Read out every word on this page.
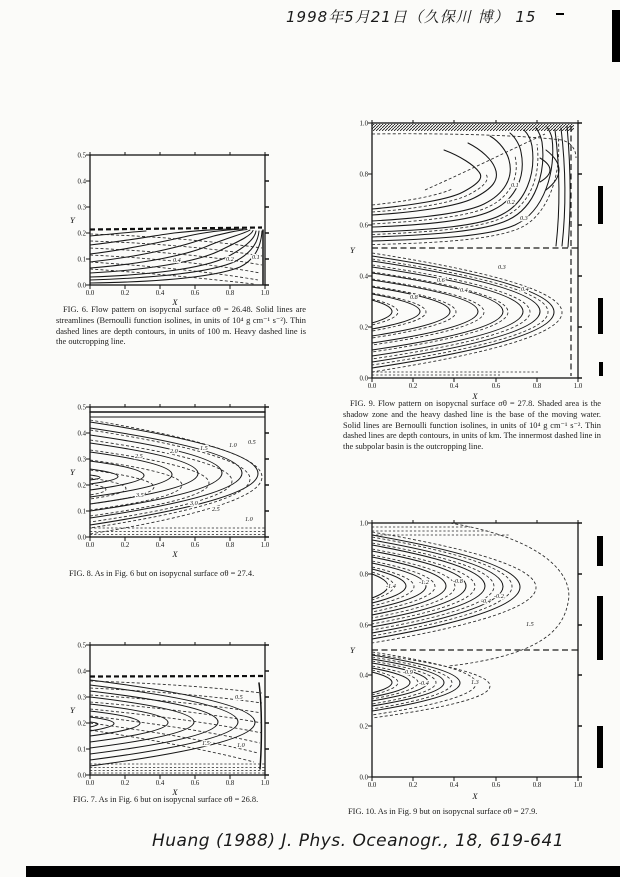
1998年5月21日（久保川 博） 15
0.5
0.4
0.3
0.2
0.1
0.0
0.0	0.2	0.4	0.6	0.8	1.0
Y
X
0.4	0.2	0.1

FIG. 6. Flow pattern on isopycnal surface σθ = 26.48. Solid lines are streamlines (Bernoulli function isolines, in units of 10⁴ g cm⁻¹ s⁻²). Thin dashed lines are depth contours, in units of 100 m. Heavy dashed line is the outcropping line.

0.5
0.4
0.3
0.2
0.1
0.0
0.0	0.2	0.4	0.6	0.8	1.0
Y
X
2.5
2.0	1.5	1.0 0.5
3.5
3.0
2.5
1.0

FIG. 8. As in Fig. 6 but on isopycnal surface σθ = 27.4.

0.5
0.4
0.3
0.2
0.1
0.0
0.0	0.2	0.4	0.6	0.8	1.0
Y
X
0.5
1.5	1.0

FIG. 7. As in Fig. 6 but on isopycnal surface σθ = 26.8.

1.0
0.8
0.6
0.4
0.2
0.0
0.0	0.2	0.4	0.6	0.8	1.0
Y
X
0.1
0.2
0.3
0.3
0.6
0.4
0.8
0.4

FIG. 9. Flow pattern on isopycnal surface σθ = 27.8. Shaded area is the shadow zone and the heavy dashed line is the base of the moving water. Solid lines are Bernoulli function isolines, in units of 10⁴ g cm⁻¹ s⁻². Thin dashed lines are depth contours, in units of km. The innermost dashed line in the subpolar basin is the outcropping line.

1.0
0.8
0.6
0.4
0.2
0.0
0.0	0.2	0.4	0.6	0.8	1.0
Y
X
-1.4
-1.2	-0.8
-0.4
-0.2
1.5
-0.9
-0.4	1.3

FIG. 10. As in Fig. 9 but on isopycnal surface σθ = 27.9.

Huang (1988) J. Phys. Oceanogr., 18, 619-641
